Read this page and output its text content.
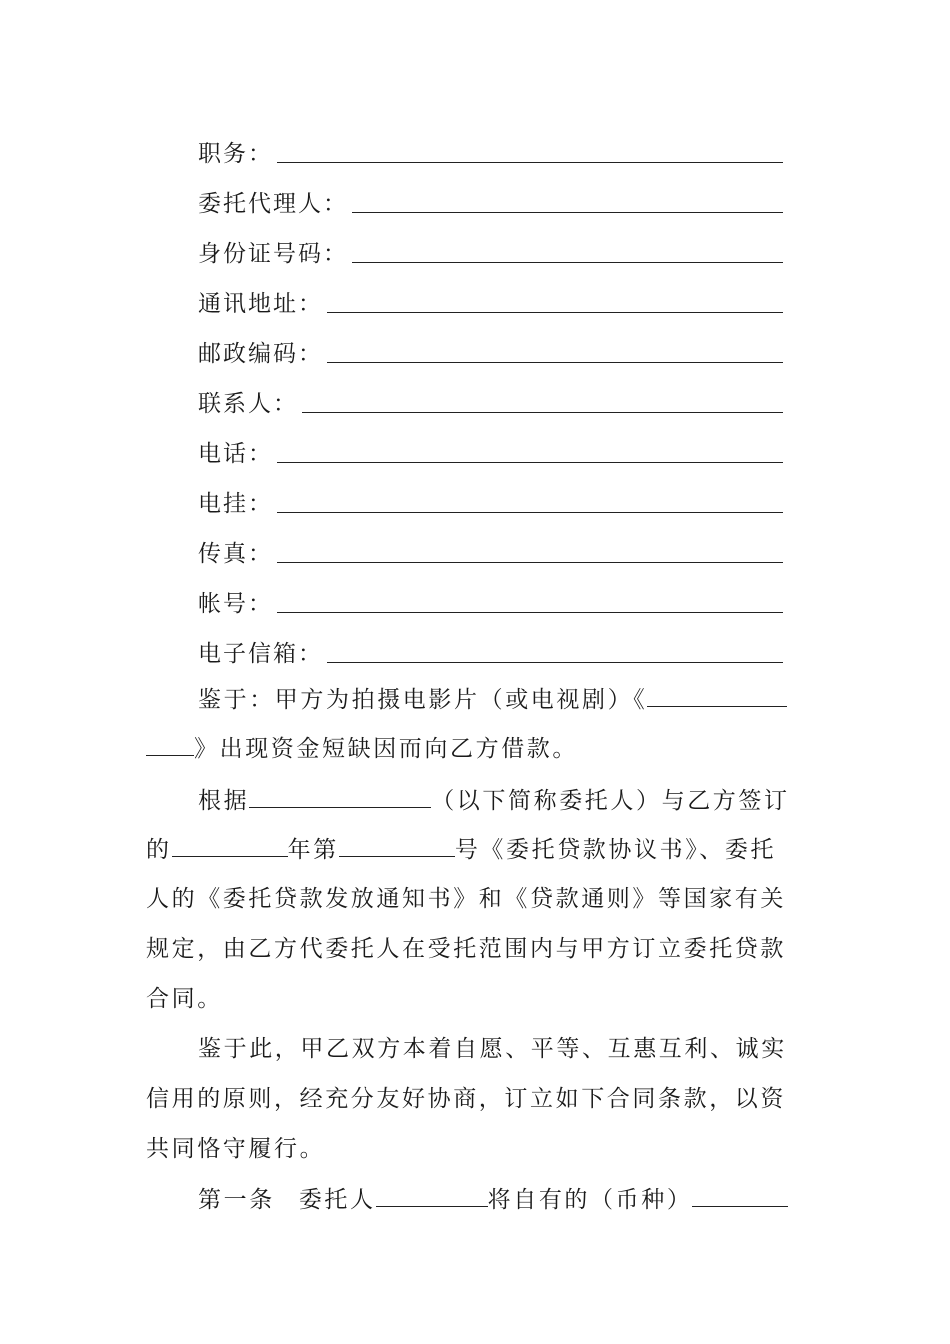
职务：
委托代理人：
身份证号码：
通讯地址：
邮政编码：
联系人：
电话：
电挂：
传真：
帐号：
电子信箱：
鉴于：甲方为拍摄电影片（或电视剧）《
》出现资金短缺因而向乙方借款。
根据	（以下简称委托人）与乙方签订
的	年第	号《委托贷款协议书》、委托
人的《委托贷款发放通知书》和《贷款通则》等国家有关
规定，由乙方代委托人在受托范围内与甲方订立委托贷款
合同。
鉴于此，甲乙双方本着自愿、平等、互惠互利、诚实
信用的原则，经充分友好协商，订立如下合同条款，以资
共同恪守履行。
第一条 委托人	将自有的（币种）
